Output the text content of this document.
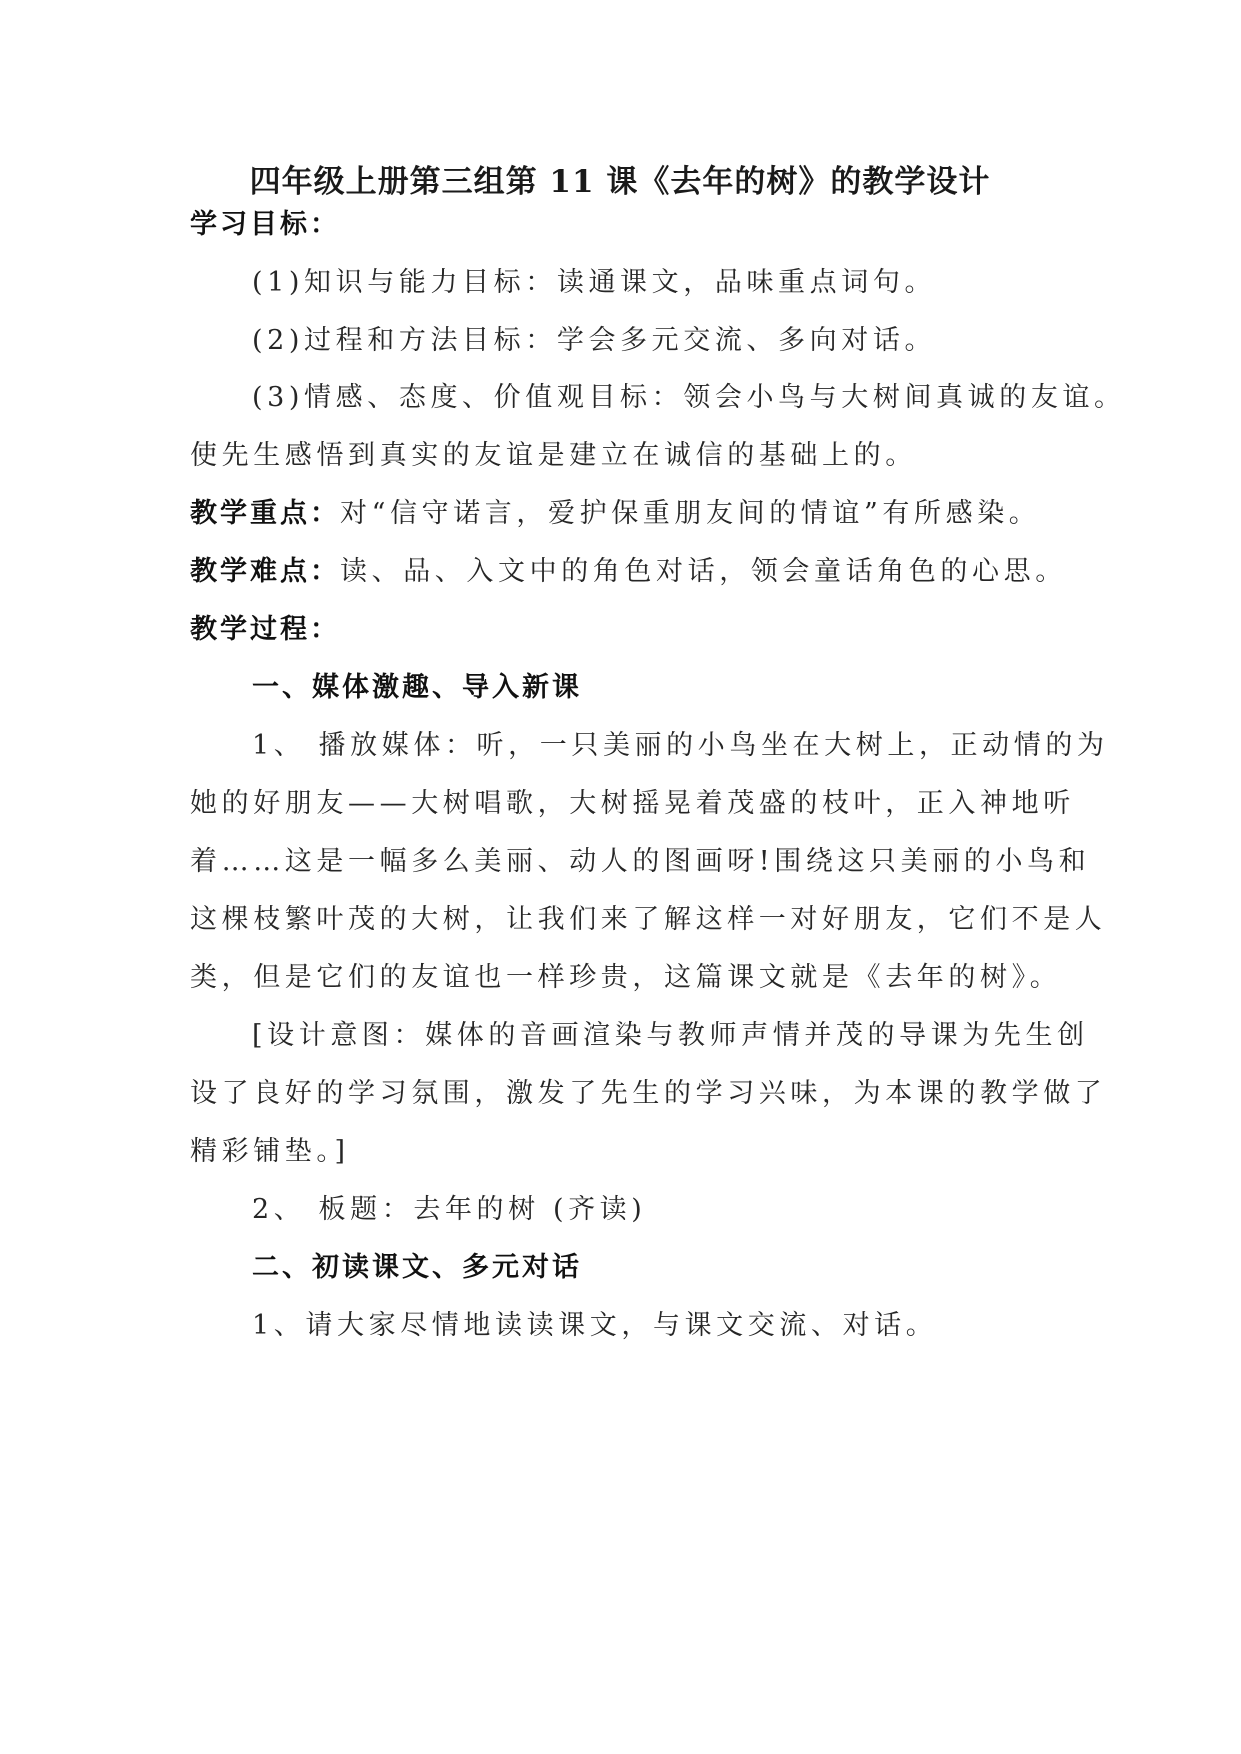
四年级上册第三组第 11 课《去年的树》的教学设计
学习目标：
(1)知识与能力目标：读通课文，品味重点词句。
(2)过程和方法目标：学会多元交流、多向对话。
(3)情感、态度、价值观目标：领会小鸟与大树间真诚的友谊。
使先生感悟到真实的友谊是建立在诚信的基础上的。
教学重点：对“信守诺言，爱护保重朋友间的情谊”有所感染。
教学难点：读、品、入文中的角色对话，领会童话角色的心思。
教学过程：
一、媒体激趣、导入新课
1、 播放媒体：听，一只美丽的小鸟坐在大树上，正动情的为
她的好朋友——大树唱歌，大树摇晃着茂盛的枝叶，正入神地听
着……这是一幅多么美丽、动人的图画呀!围绕这只美丽的小鸟和
这棵枝繁叶茂的大树，让我们来了解这样一对好朋友，它们不是人
类，但是它们的友谊也一样珍贵，这篇课文就是《去年的树》。
[设计意图：媒体的音画渲染与教师声情并茂的导课为先生创
设了良好的学习氛围，激发了先生的学习兴味，为本课的教学做了
精彩铺垫。]
2、 板题：去年的树 (齐读)
二、初读课文、多元对话
1、请大家尽情地读读课文，与课文交流、对话。
